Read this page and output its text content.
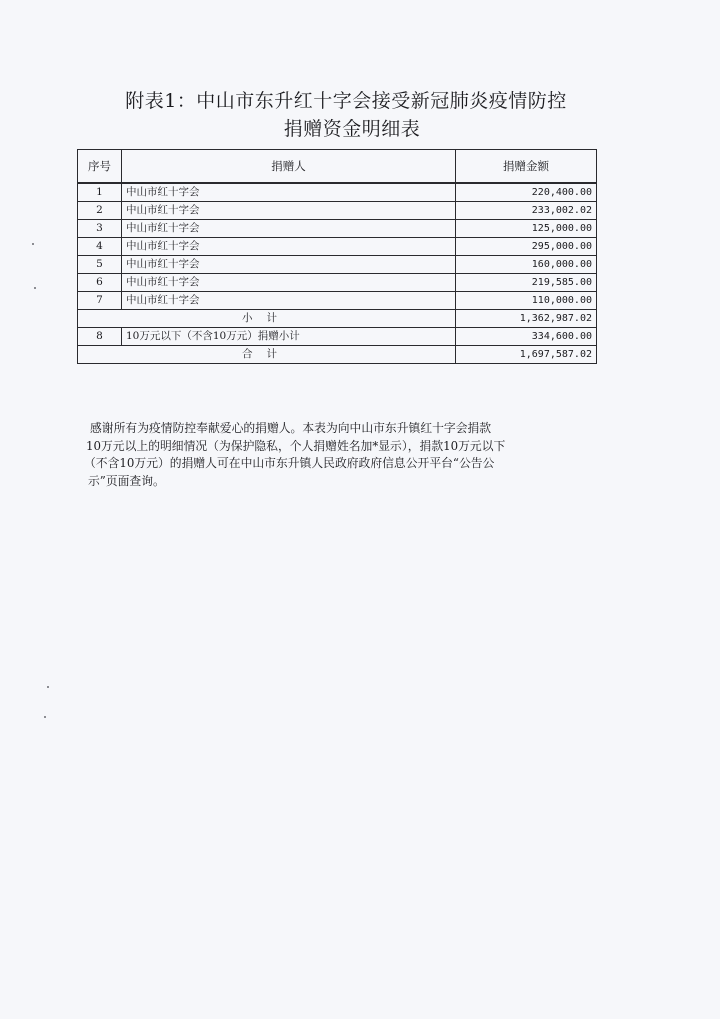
附表1：中山市东升红十字会接受新冠肺炎疫情防控
捐赠资金明细表
序号	捐赠人	捐赠金额
1	中山市红十字会	220,400.00
2	中山市红十字会	233,002.02
3	中山市红十字会	125,000.00
4	中山市红十字会	295,000.00
5	中山市红十字会	160,000.00
6	中山市红十字会	219,585.00
7	中山市红十字会	110,000.00
小计		1,362,987.02
8	10万元以下（不含10万元）捐赠小计	334,600.00
合计		1,697,587.02

感谢所有为疫情防控奉献爱心的捐赠人。本表为向中山市东升镇红十字会捐款

10万元以上的明细情况（为保护隐私，个人捐赠姓名加*显示），捐款10万元以下

（不含10万元）的捐赠人可在中山市东升镇人民政府政府信息公开平台“公告公

示”页面查询。
